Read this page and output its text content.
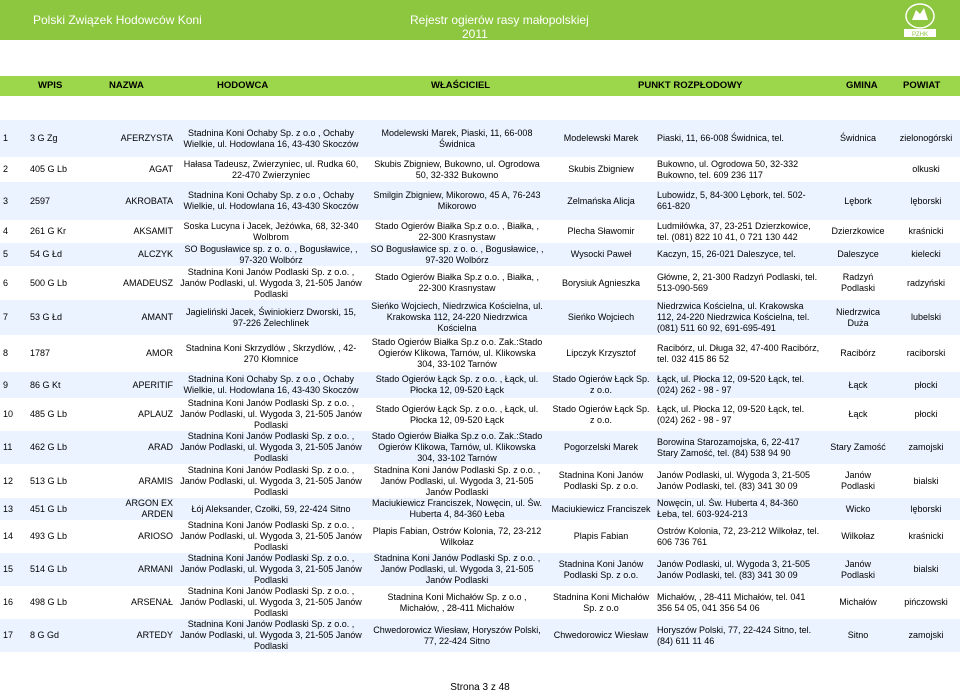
Polski Związek Hodowców Koni	Rejestr ogierów rasy małopolskiej
2011	PZHK
WPIS	NAZWA	HODOWCA	WŁAŚCICIEL	PUNKT ROZPŁODOWY	GMINA	POWIAT
1	3 G Zg	AFERZYSTA	Stadnina Koni Ochaby Sp. z o.o , Ochaby Wielkie, ul. Hodowlana 16, 43-430 Skoczów	Modelewski Marek, Piaski, 11, 66-008 Świdnica	Modelewski Marek	Piaski, 11, 66-008 Świdnica, tel.	Świdnica	zielonogórski
2	405 G Lb	AGAT	Hałasa Tadeusz, Zwierzyniec, ul. Rudka 60, 22-470 Zwierzyniec	Skubis Zbigniew, Bukowno, ul. Ogrodowa 50, 32-332 Bukowno	Skubis Zbigniew	Bukowno, ul. Ogrodowa 50, 32-332 Bukowno, tel. 609 236 117		olkuski
3	2597	AKROBATA	Stadnina Koni Ochaby Sp. z o.o , Ochaby Wielkie, ul. Hodowlana 16, 43-430 Skoczów	Smilgin Zbigniew, Mikorowo, 45 A, 76-243 Mikorowo	Zelmańska Alicja	Lubowidz, 5, 84-300 Lębork, tel. 502-661-820	Lębork	lęborski
4	261 G Kr	AKSAMIT	Soska Lucyna i Jacek, Jeżówka, 68, 32-340 Wolbrom	Stado Ogierów Białka Sp.z o.o. , Białka, , 22-300 Krasnystaw	Plecha Sławomir	Ludmiłówka, 37, 23-251 Dzierzkowice, tel. (081) 822 10 41, 0 721 130 442	Dzierzkowice	kraśnicki
5	54 G Łd	ALCZYK	SO Bogusławice sp. z o. o. , Bogusławice, , 97-320 Wolbórz	SO Bogusławice sp. z o. o. , Bogusławice, , 97-320 Wolbórz	Wysocki Paweł	Kaczyn, 15, 26-021 Daleszyce, tel.	Daleszyce	kielecki
6	500 G Lb	AMADEUSZ	Stadnina Koni Janów Podlaski Sp. z o.o. , Janów Podlaski, ul. Wygoda 3, 21-505 Janów Podlaski	Stado Ogierów Białka Sp.z o.o. , Białka, , 22-300 Krasnystaw	Borysiuk Agnieszka	Główne, 2, 21-300 Radzyń Podlaski, tel. 513-090-569	Radzyń Podlaski	radzyński
7	53 G Łd	AMANT	Jagieliński Jacek, Świniokierz Dworski, 15, 97-226 Żelechlinek	Sieńko Wojciech, Niedrzwica Kościelna, ul. Krakowska 112, 24-220 Niedrzwica Kościelna	Sieńko Wojciech	Niedrzwica Kościelna, ul. Krakowska 112, 24-220 Niedrzwica Kościelna, tel. (081) 511 60 92, 691-695-491	Niedrzwica Duża	lubelski
8	1787	AMOR	Stadnina Koni Skrzydlów , Skrzydlów, , 42-270 Kłomnice	Stado Ogierów Białka Sp.z o.o. Zak.:Stado Ogierów Klikowa, Tarnów, ul. Klikowska 304, 33-102 Tarnów	Lipczyk Krzysztof	Racibórz, ul. Długa 32, 47-400 Racibórz, tel. 032 415 86 52	Racibórz	raciborski
9	86 G Kt	APERITIF	Stadnina Koni Ochaby Sp. z o.o , Ochaby Wielkie, ul. Hodowlana 16, 43-430 Skoczów	Stado Ogierów Łąck Sp. z o.o. , Łąck, ul. Płocka 12, 09-520 Łąck	Stado Ogierów Łąck Sp. z o.o.	Łąck, ul. Płocka 12, 09-520 Łąck, tel. (024) 262 - 98 - 97	Łąck	płocki
10	485 G Lb	APLAUZ	Stadnina Koni Janów Podlaski Sp. z o.o. , Janów Podlaski, ul. Wygoda 3, 21-505 Janów Podlaski	Stado Ogierów Łąck Sp. z o.o. , Łąck, ul. Płocka 12, 09-520 Łąck	Stado Ogierów Łąck Sp. z o.o.	Łąck, ul. Płocka 12, 09-520 Łąck, tel. (024) 262 - 98 - 97	Łąck	płocki
11	462 G Lb	ARAD	Stadnina Koni Janów Podlaski Sp. z o.o. , Janów Podlaski, ul. Wygoda 3, 21-505 Janów Podlaski	Stado Ogierów Białka Sp.z o.o. Zak.:Stado Ogierów Klikowa, Tarnów, ul. Klikowska 304, 33-102 Tarnów	Pogorzelski Marek	Borowina Starozamojska, 6, 22-417 Stary Zamość, tel. (84) 538 94 90	Stary Zamość	zamojski
12	513 G Lb	ARAMIS	Stadnina Koni Janów Podlaski Sp. z o.o. , Janów Podlaski, ul. Wygoda 3, 21-505 Janów Podlaski	Stadnina Koni Janów Podlaski Sp. z o.o. , Janów Podlaski, ul. Wygoda 3, 21-505 Janów Podlaski	Stadnina Koni Janów Podlaski Sp. z o.o.	Janów Podlaski, ul. Wygoda 3, 21-505 Janów Podlaski, tel. (83) 341 30 09	Janów Podlaski	bialski
13	451 G Lb	ARGON EX ARDEN	Łój Aleksander, Czołki, 59, 22-424 Sitno	Maciukiewicz Franciszek, Nowęcin, ul. Św. Huberta 4, 84-360 Łeba	Maciukiewicz Franciszek	Nowęcin, ul. Św. Huberta 4, 84-360 Łeba, tel. 603-924-213	Wicko	lęborski
14	493 G Lb	ARIOSO	Stadnina Koni Janów Podlaski Sp. z o.o. , Janów Podlaski, ul. Wygoda 3, 21-505 Janów Podlaski	Plapis Fabian, Ostrów Kolonia, 72, 23-212 Wilkołaz	Plapis Fabian	Ostrów Kolonia, 72, 23-212 Wilkołaz, tel. 606 736 761	Wilkołaz	kraśnicki
15	514 G Lb	ARMANI	Stadnina Koni Janów Podlaski Sp. z o.o. , Janów Podlaski, ul. Wygoda 3, 21-505 Janów Podlaski	Stadnina Koni Janów Podlaski Sp. z o.o. , Janów Podlaski, ul. Wygoda 3, 21-505 Janów Podlaski	Stadnina Koni Janów Podlaski Sp. z o.o.	Janów Podlaski, ul. Wygoda 3, 21-505 Janów Podlaski, tel. (83) 341 30 09	Janów Podlaski	bialski
16	498 G Lb	ARSENAŁ	Stadnina Koni Janów Podlaski Sp. z o.o. , Janów Podlaski, ul. Wygoda 3, 21-505 Janów Podlaski	Stadnina Koni Michałów Sp. z o.o , Michałów, , 28-411 Michałów	Stadnina Koni Michałów Sp. z o.o	Michałów, , 28-411 Michałów, tel. 041 356 54 05, 041 356 54 06	Michałów	pińczowski
17	8 G Gd	ARTEDY	Stadnina Koni Janów Podlaski Sp. z o.o. , Janów Podlaski, ul. Wygoda 3, 21-505 Janów Podlaski	Chwedorowicz Wiesław, Horyszów Polski, 77, 22-424 Sitno	Chwedorowicz Wiesław	Horyszów Polski, 77, 22-424 Sitno, tel. (84) 611 11 46	Sitno	zamojski
Strona 3 z 48
